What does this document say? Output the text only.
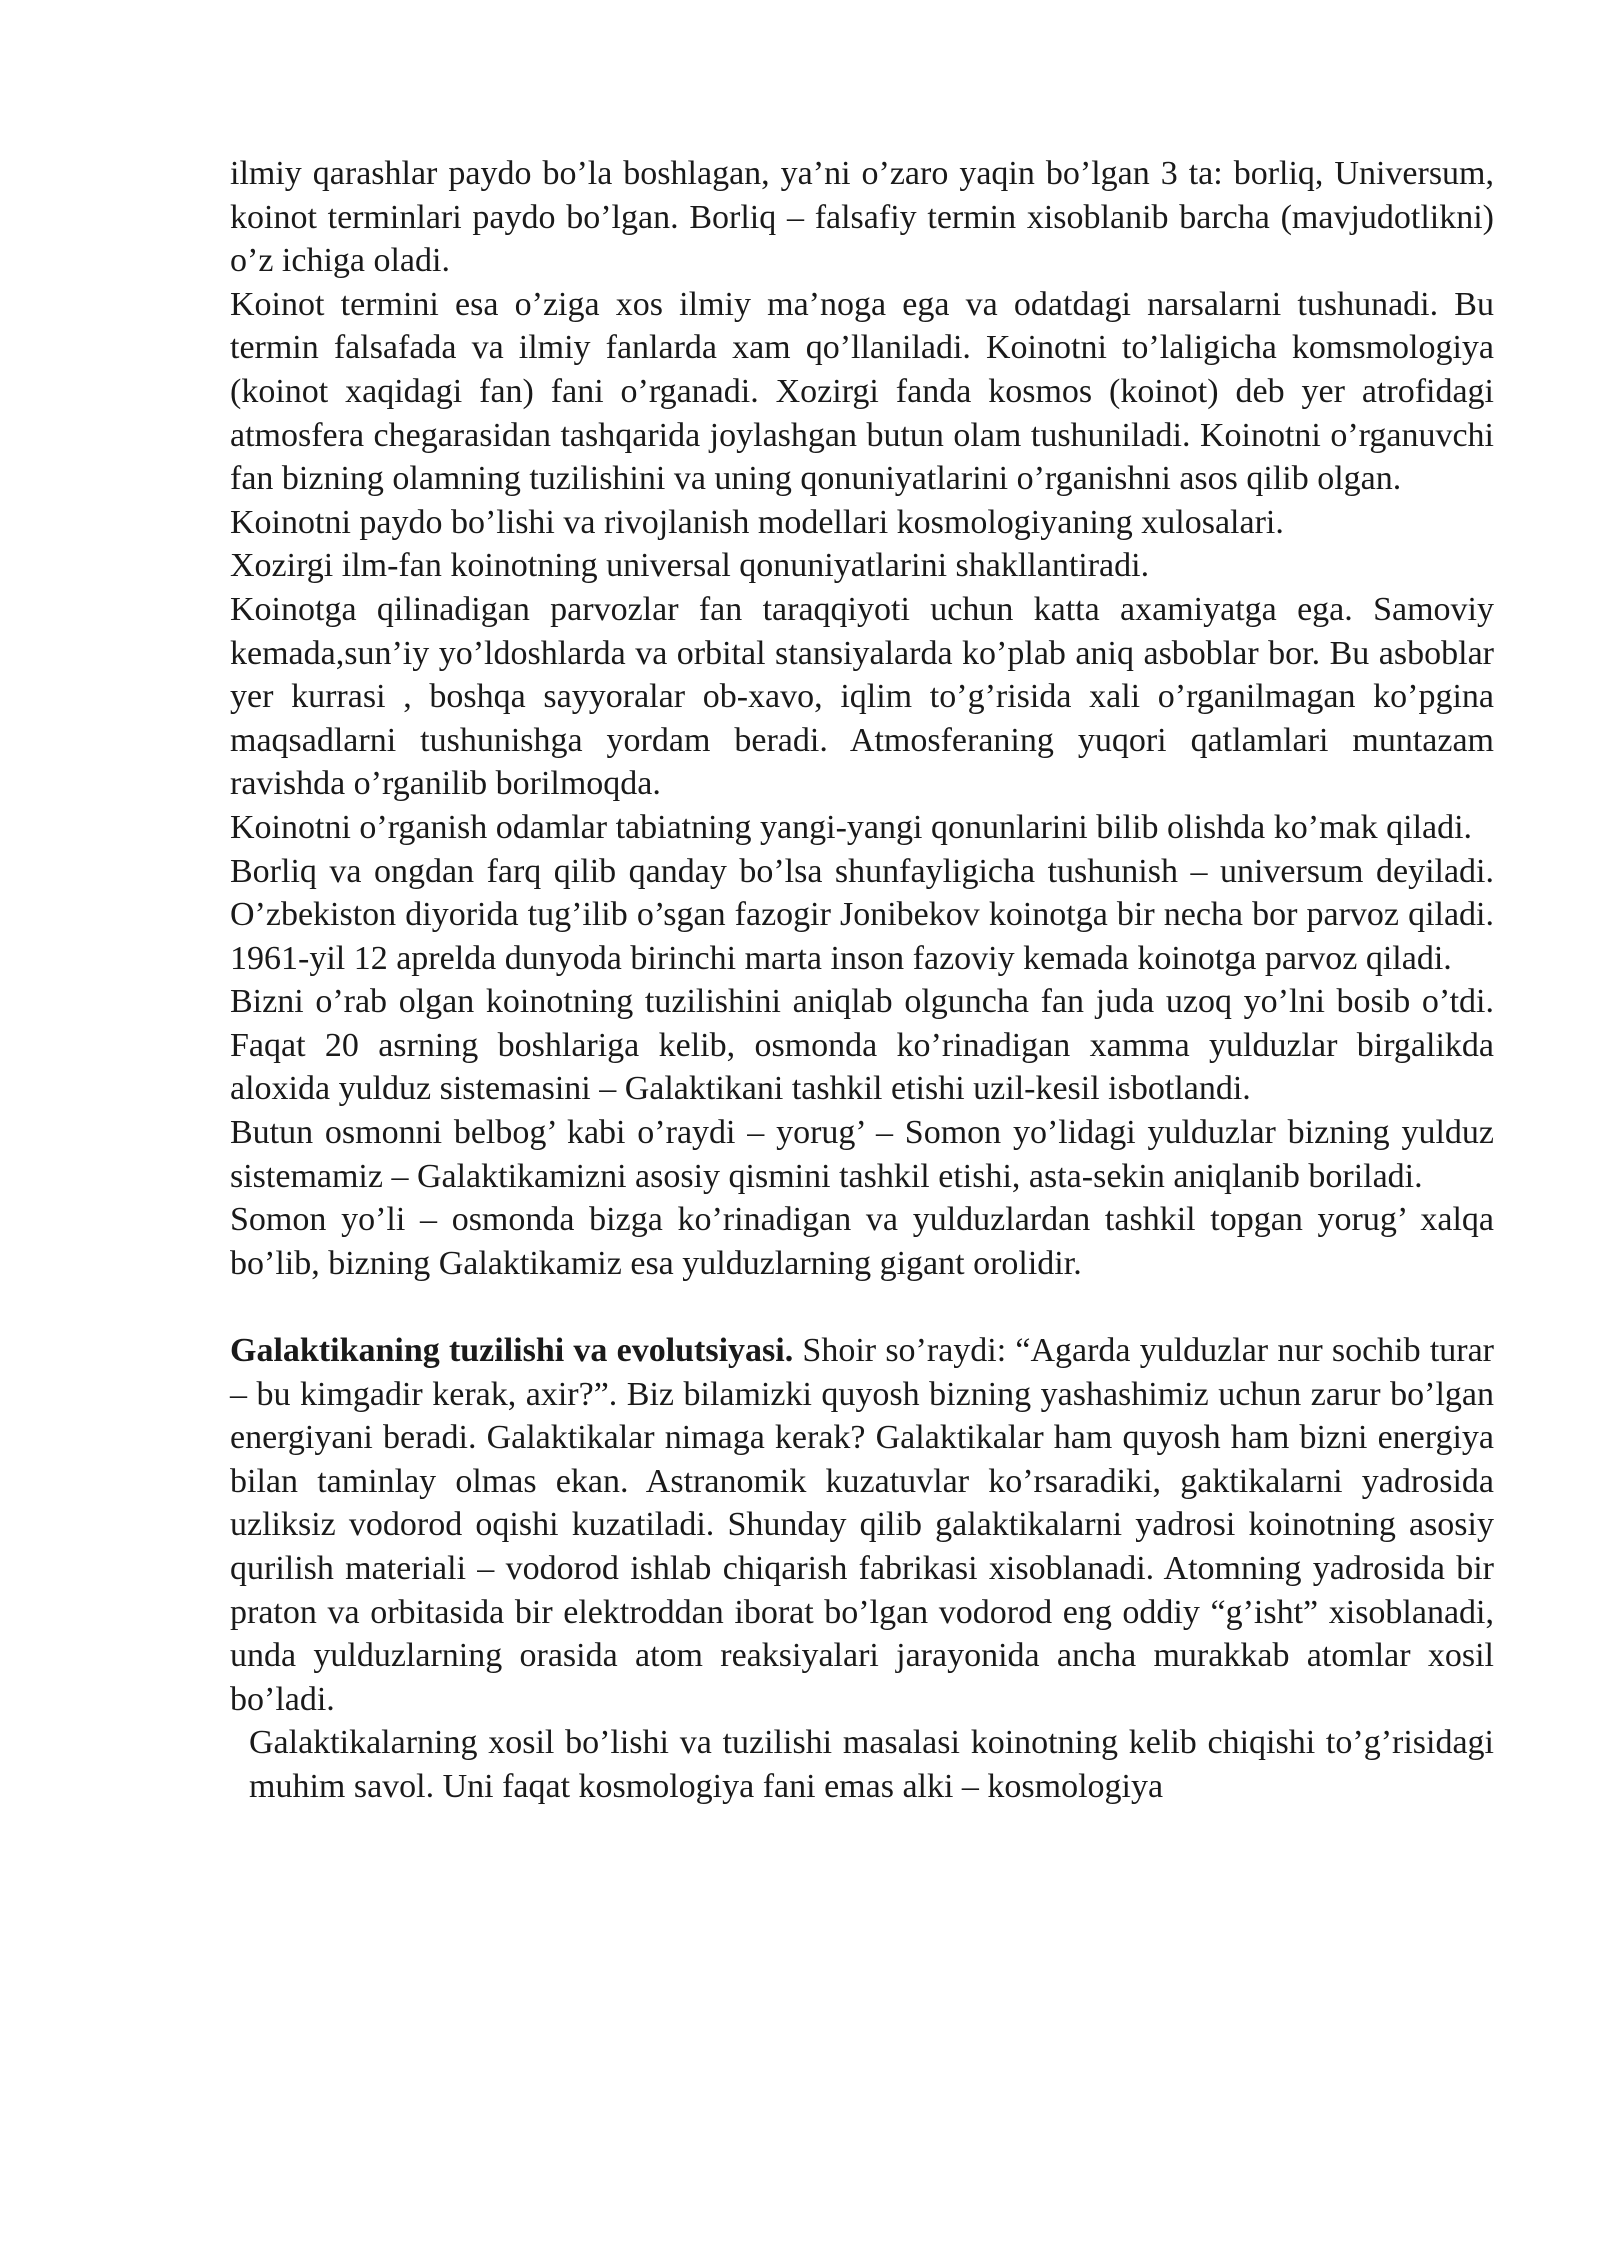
ilmiy qarashlar paydo bo’la boshlagan, ya’ni o’zaro yaqin bo’lgan 3 ta: borliq, Universum, koinot terminlari paydo bo’lgan. Borliq – falsafiy termin xisoblanib barcha (mavjudotlikni) o’z ichiga oladi.

Koinot termini esa o’ziga xos ilmiy ma’noga ega va odatdagi narsalarni tushunadi. Bu termin falsafada va ilmiy fanlarda xam qo’llaniladi. Koinotni to’laligicha komsmologiya (koinot xaqidagi fan) fani o’rganadi. Xozirgi fanda kosmos (koinot) deb yer atrofidagi atmosfera chegarasidan tashqarida joylashgan butun olam tushuniladi. Koinotni o’rganuvchi fan bizning olamning tuzilishini va uning qonuniyatlarini o’rganishni asos qilib olgan.

Koinotni paydo bo’lishi va rivojlanish modellari kosmologiyaning xulosalari.

Xozirgi ilm-fan koinotning universal qonuniyatlarini shakllantiradi.

Koinotga qilinadigan parvozlar fan taraqqiyoti uchun katta axamiyatga ega. Samoviy kemada,sun’iy yo’ldoshlarda va orbital stansiyalarda ko’plab aniq asboblar bor. Bu asboblar yer kurrasi , boshqa sayyoralar ob-xavo, iqlim to’g’risida xali o’rganilmagan ko’pgina maqsadlarni tushunishga yordam beradi. Atmosferaning yuqori qatlamlari muntazam ravishda o’rganilib borilmoqda.

Koinotni o’rganish odamlar tabiatning yangi-yangi qonunlarini bilib olishda ko’mak qiladi.

Borliq va ongdan farq qilib qanday bo’lsa shunfayligicha tushunish – universum deyiladi. O’zbekiston diyorida tug’ilib o’sgan fazogir Jonibekov koinotga bir necha bor parvoz qiladi. 1961-yil 12 aprelda dunyoda birinchi marta inson fazoviy kemada koinotga parvoz qiladi.

Bizni o’rab olgan koinotning tuzilishini aniqlab olguncha fan juda uzoq yo’lni bosib o’tdi. Faqat 20 asrning boshlariga kelib, osmonda ko’rinadigan xamma yulduzlar birgalikda aloxida yulduz sistemasini – Galaktikani tashkil etishi uzil-kesil isbotlandi.

Butun osmonni belbog’ kabi o’raydi – yorug’ – Somon yo’lidagi yulduzlar bizning yulduz sistemamiz – Galaktikamizni asosiy qismini tashkil etishi, asta-sekin aniqlanib boriladi.

Somon yo’li – osmonda bizga ko’rinadigan va yulduzlardan tashkil topgan yorug’ xalqa bo’lib, bizning Galaktikamiz esa yulduzlarning gigant orolidir.

Galaktikaning tuzilishi va evolutsiyasi. Shoir so’raydi: “Agarda yulduzlar nur sochib turar – bu kimgadir kerak, axir?”. Biz bilamizki quyosh bizning yashashimiz uchun zarur bo’lgan energiyani beradi. Galaktikalar nimaga kerak? Galaktikalar ham quyosh ham bizni energiya bilan taminlay olmas ekan. Astranomik kuzatuvlar ko’rsaradiki, gaktikalarni yadrosida uzliksiz vodorod oqishi kuzatiladi. Shunday qilib galaktikalarni yadrosi koinotning asosiy qurilish materiali – vodorod ishlab chiqarish fabrikasi xisoblanadi. Atomning yadrosida bir praton va orbitasida bir elektroddan iborat bo’lgan vodorod eng oddiy “g’isht” xisoblanadi, unda yulduzlarning orasida atom reaksiyalari jarayonida ancha murakkab atomlar xosil bo’ladi.

Galaktikalarning xosil bo’lishi va tuzilishi masalasi koinotning kelib chiqishi to’g’risidagi muhim savol. Uni faqat kosmologiya fani emas alki – kosmologiya
